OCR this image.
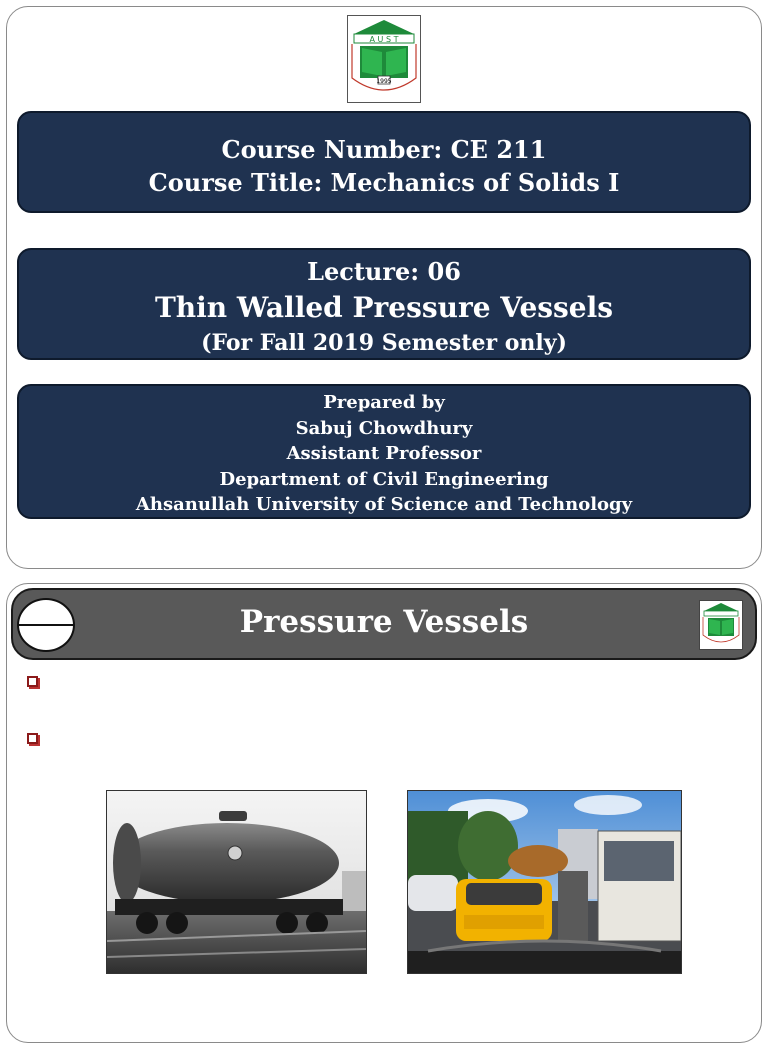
A U S T
1995
Course Number: CE 211
Course Title: Mechanics of Solids I
Lecture: 06
Thin Walled Pressure Vessels
(For Fall 2019 Semester only)
Prepared by
Sabuj Chowdhury
Assistant Professor
Department of Civil Engineering
Ahsanullah University of Science and Technology
Pressure Vessels
